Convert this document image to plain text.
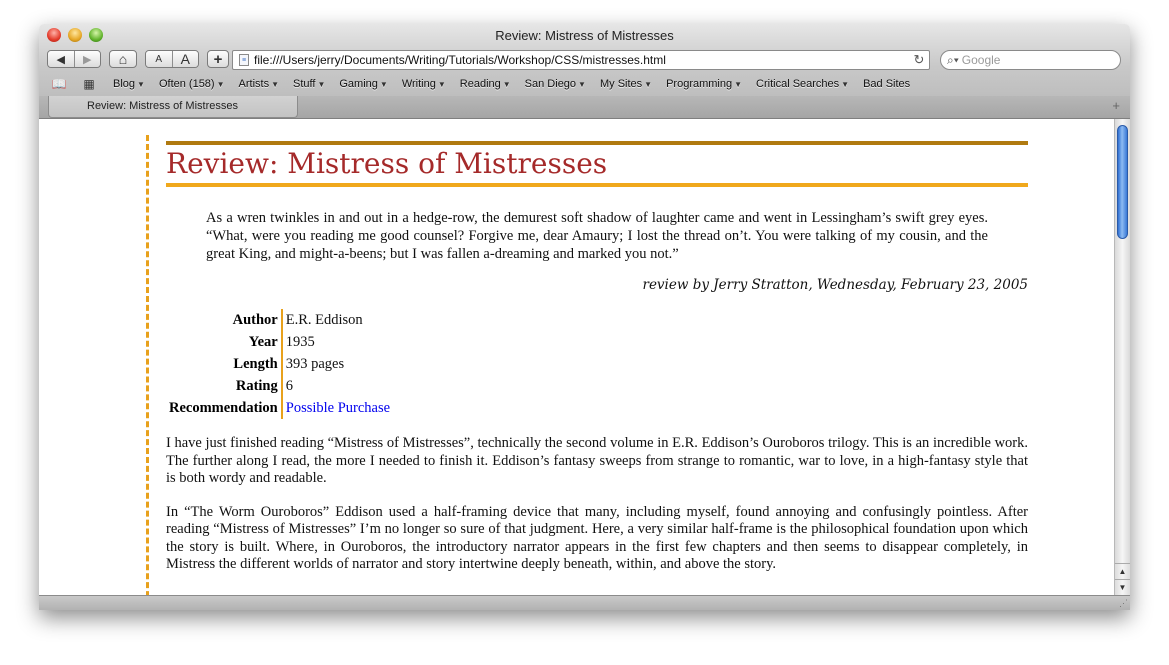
Review: Mistress of Mistresses
◀ ▶ ⌂	A A +	≡ file:///Users/jerry/Documents/Writing/Tutorials/Workshop/CSS/mistresses.html	↻	⌕▾ Google
📖 ▦ Blog ▼ Often (158) ▼ Artists ▼ Stuff ▼ Gaming ▼ Writing ▼ Reading ▼ San Diego ▼ My Sites ▼ Programming ▼ Critical Searches ▼ Bad Sites
Review: Mistress of Mistresses	+
Review: Mistress of Mistresses
As a wren twinkles in and out in a hedge-row, the demurest soft shadow of laughter came and went in Lessingham’s swift grey eyes. “What, were you reading me good counsel? Forgive me, dear Amaury; I lost the thread on’t. You were talking of my cousin, and the great King, and might-a-beens; but I was fallen a-dreaming and marked you not.”
review by Jerry Stratton, Wednesday, February 23, 2005
Author	E.R. Eddison
Year	1935
Length	393 pages
Rating	6
Recommendation	Possible Purchase

I have just finished reading “Mistress of Mistresses”, technically the second volume in E.R. Eddison’s Ouroboros trilogy. This is an incredible work. The further along I read, the more I needed to finish it. Eddison’s fantasy sweeps from strange to romantic, war to love, in a high-fantasy style that is both wordy and readable.

In “The Worm Ouroboros” Eddison used a half-framing device that many, including myself, found annoying and confusingly pointless. After reading “Mistress of Mistresses” I’m no longer so sure of that judgment. Here, a very similar half-frame is the philosophical foundation upon which the story is built. Where, in Ouroboros, the introductory narrator appears in the first few chapters and then seems to disappear completely, in Mistress the different worlds of narrator and story intertwine deeply beneath, within, and above the story.	▲
▼
⋰
